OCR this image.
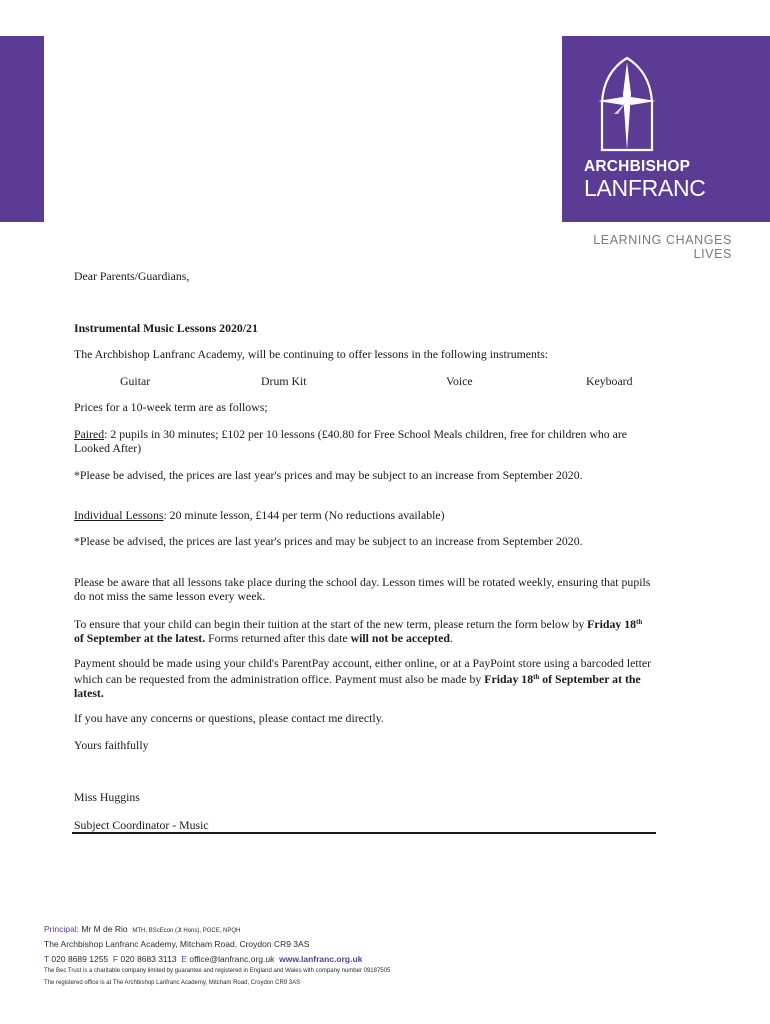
ARCHBISHOP
LANFRANC
LEARNING CHANGES LIVES

Dear Parents/Guardians,

Instrumental Music Lessons 2020/21

The Archbishop Lanfranc Academy, will be continuing to offer lessons in the following instruments:

Guitar	Drum Kit	Voice	Keyboard

Prices for a 10-week term are as follows;

Paired: 2 pupils in 30 minutes; £102 per 10 lessons (£40.80 for Free School Meals children, free for children who are Looked After)

*Please be advised, the prices are last year's prices and may be subject to an increase from September 2020.

Individual Lessons: 20 minute lesson, £144 per term (No reductions available)

*Please be advised, the prices are last year's prices and may be subject to an increase from September 2020.

Please be aware that all lessons take place during the school day. Lesson times will be rotated weekly, ensuring that pupils do not miss the same lesson every week.

To ensure that your child can begin their tuition at the start of the new term, please return the form below by Friday 18th of September at the latest. Forms returned after this date will not be accepted.

Payment should be made using your child's ParentPay account, either online, or at a PayPoint store using a barcoded letter which can be requested from the administration office. Payment must also be made by Friday 18th of September at the latest.

If you have any concerns or questions, please contact me directly.

Yours faithfully

Miss Huggins

Subject Coordinator - Music

Principal: Mr M de Rio MTH, BScEcon (Jt Hons), PGCE, NPQH
The Archbishop Lanfranc Academy, Mitcham Road, Croydon CR9 3AS
T 020 8689 1255 F 020 8683 3113 E office@lanfranc.org.uk www.lanfranc.org.uk
The Bec Trust is a charitable company limited by guarantee and registered in England and Wales with company number 09187505
The registered office is at The Archbishop Lanfranc Academy, Mitcham Road, Croydon CR9 3AS
